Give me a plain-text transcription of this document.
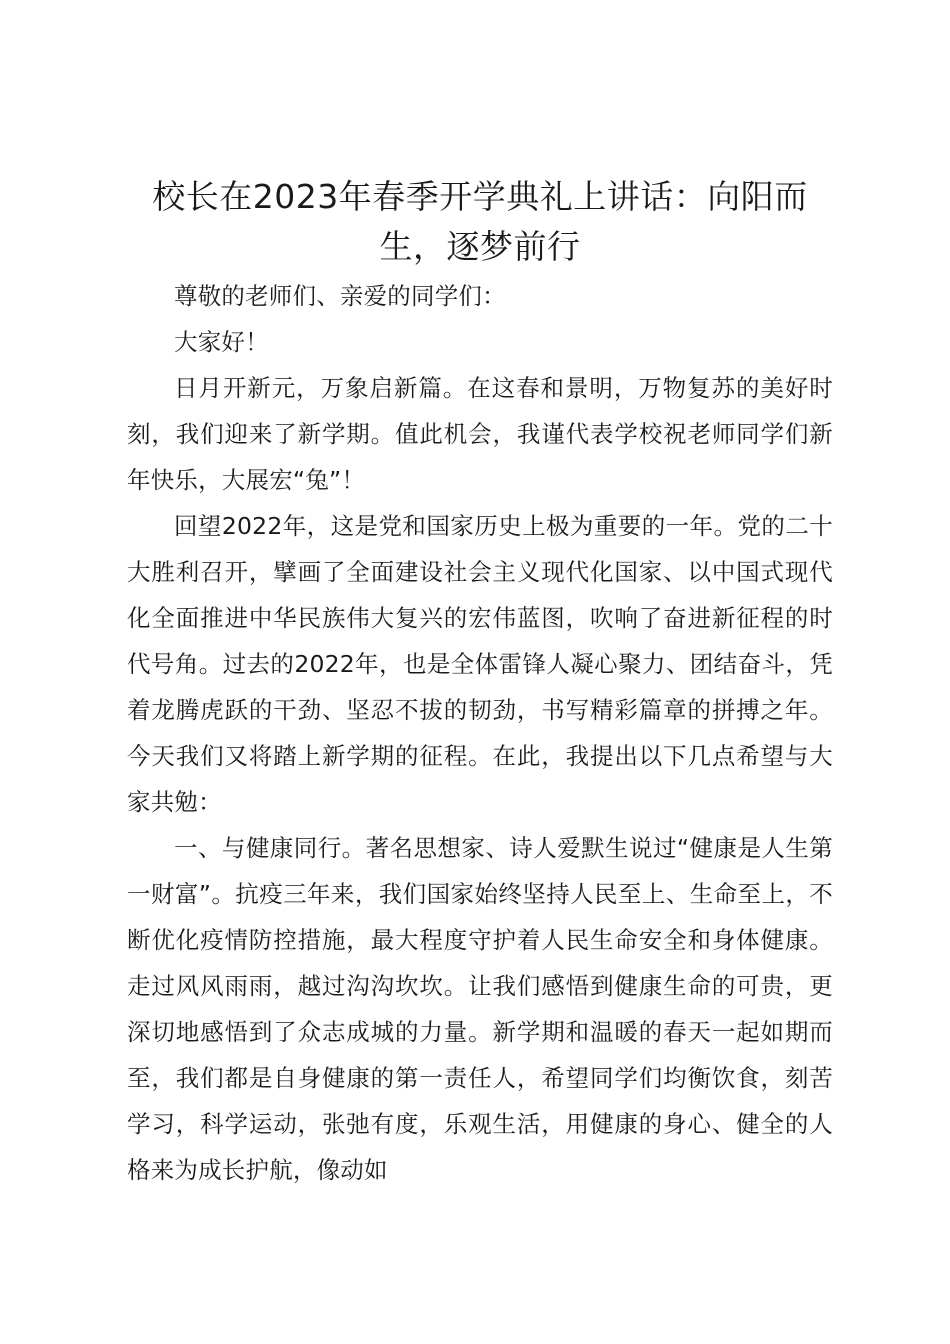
校长在2023年春季开学典礼上讲话：向阳而生，逐梦前行

尊敬的老师们、亲爱的同学们：

大家好！

日月开新元，万象启新篇。在这春和景明，万物复苏的美好时刻，我们迎来了新学期。值此机会，我谨代表学校祝老师同学们新年快乐，大展宏“兔”！

回望2022年，这是党和国家历史上极为重要的一年。党的二十大胜利召开，擘画了全面建设社会主义现代化国家、以中国式现代化全面推进中华民族伟大复兴的宏伟蓝图，吹响了奋进新征程的时代号角。过去的2022年，也是全体雷锋人凝心聚力、团结奋斗，凭着龙腾虎跃的干劲、坚忍不拔的韧劲，书写精彩篇章的拼搏之年。今天我们又将踏上新学期的征程。在此，我提出以下几点希望与大家共勉：

一、与健康同行。著名思想家、诗人爱默生说过“健康是人生第一财富”。抗疫三年来，我们国家始终坚持人民至上、生命至上，不断优化疫情防控措施，最大程度守护着人民生命安全和身体健康。走过风风雨雨，越过沟沟坎坎。让我们感悟到健康生命的可贵，更深切地感悟到了众志成城的力量。新学期和温暖的春天一起如期而至，我们都是自身健康的第一责任人，希望同学们均衡饮食，刻苦学习，科学运动，张弛有度，乐观生活，用健康的身心、健全的人格来为成长护航，像动如
